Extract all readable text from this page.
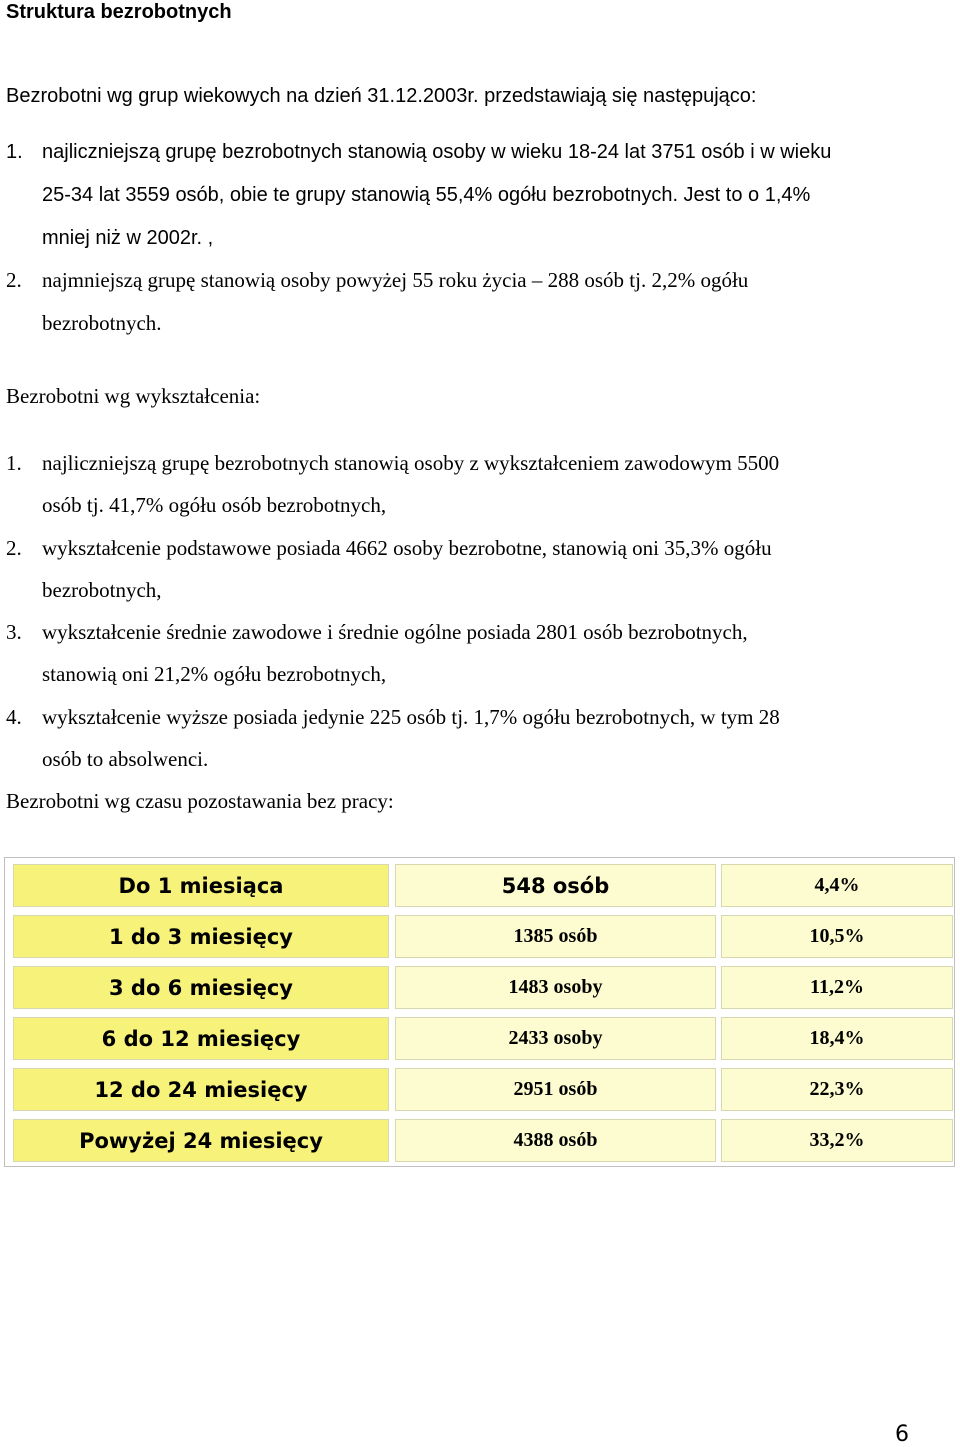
Struktura bezrobotnych
Bezrobotni wg grup wiekowych na dzień 31.12.2003r. przedstawiają się następująco:
1. najliczniejszą grupę bezrobotnych stanowią osoby w wieku 18-24 lat 3751 osób i w wieku
25-34 lat 3559 osób, obie te grupy stanowią 55,4% ogółu bezrobotnych. Jest to o 1,4%
mniej niż w 2002r. ,
2. najmniejszą grupę stanowią osoby powyżej 55 roku życia – 288 osób tj. 2,2% ogółu
bezrobotnych.
Bezrobotni wg wykształcenia:
1. najliczniejszą grupę bezrobotnych stanowią osoby z wykształceniem zawodowym 5500
osób tj. 41,7% ogółu osób bezrobotnych,
2. wykształcenie podstawowe posiada 4662 osoby bezrobotne, stanowią oni 35,3% ogółu
bezrobotnych,
3. wykształcenie średnie zawodowe i średnie ogólne posiada 2801 osób bezrobotnych,
stanowią oni 21,2% ogółu bezrobotnych,
4. wykształcenie wyższe posiada jedynie 225 osób tj. 1,7% ogółu bezrobotnych, w tym 28
osób to absolwenci.
Bezrobotni wg czasu pozostawania bez pracy:
Do 1 miesiąca	548 osób	4,4%
1 do 3 miesięcy	1385 osób	10,5%
3 do 6 miesięcy	1483 osoby	11,2%
6 do 12 miesięcy	2433 osoby	18,4%
12 do 24 miesięcy	2951 osób	22,3%
Powyżej 24 miesięcy	4388 osób	33,2%
6
